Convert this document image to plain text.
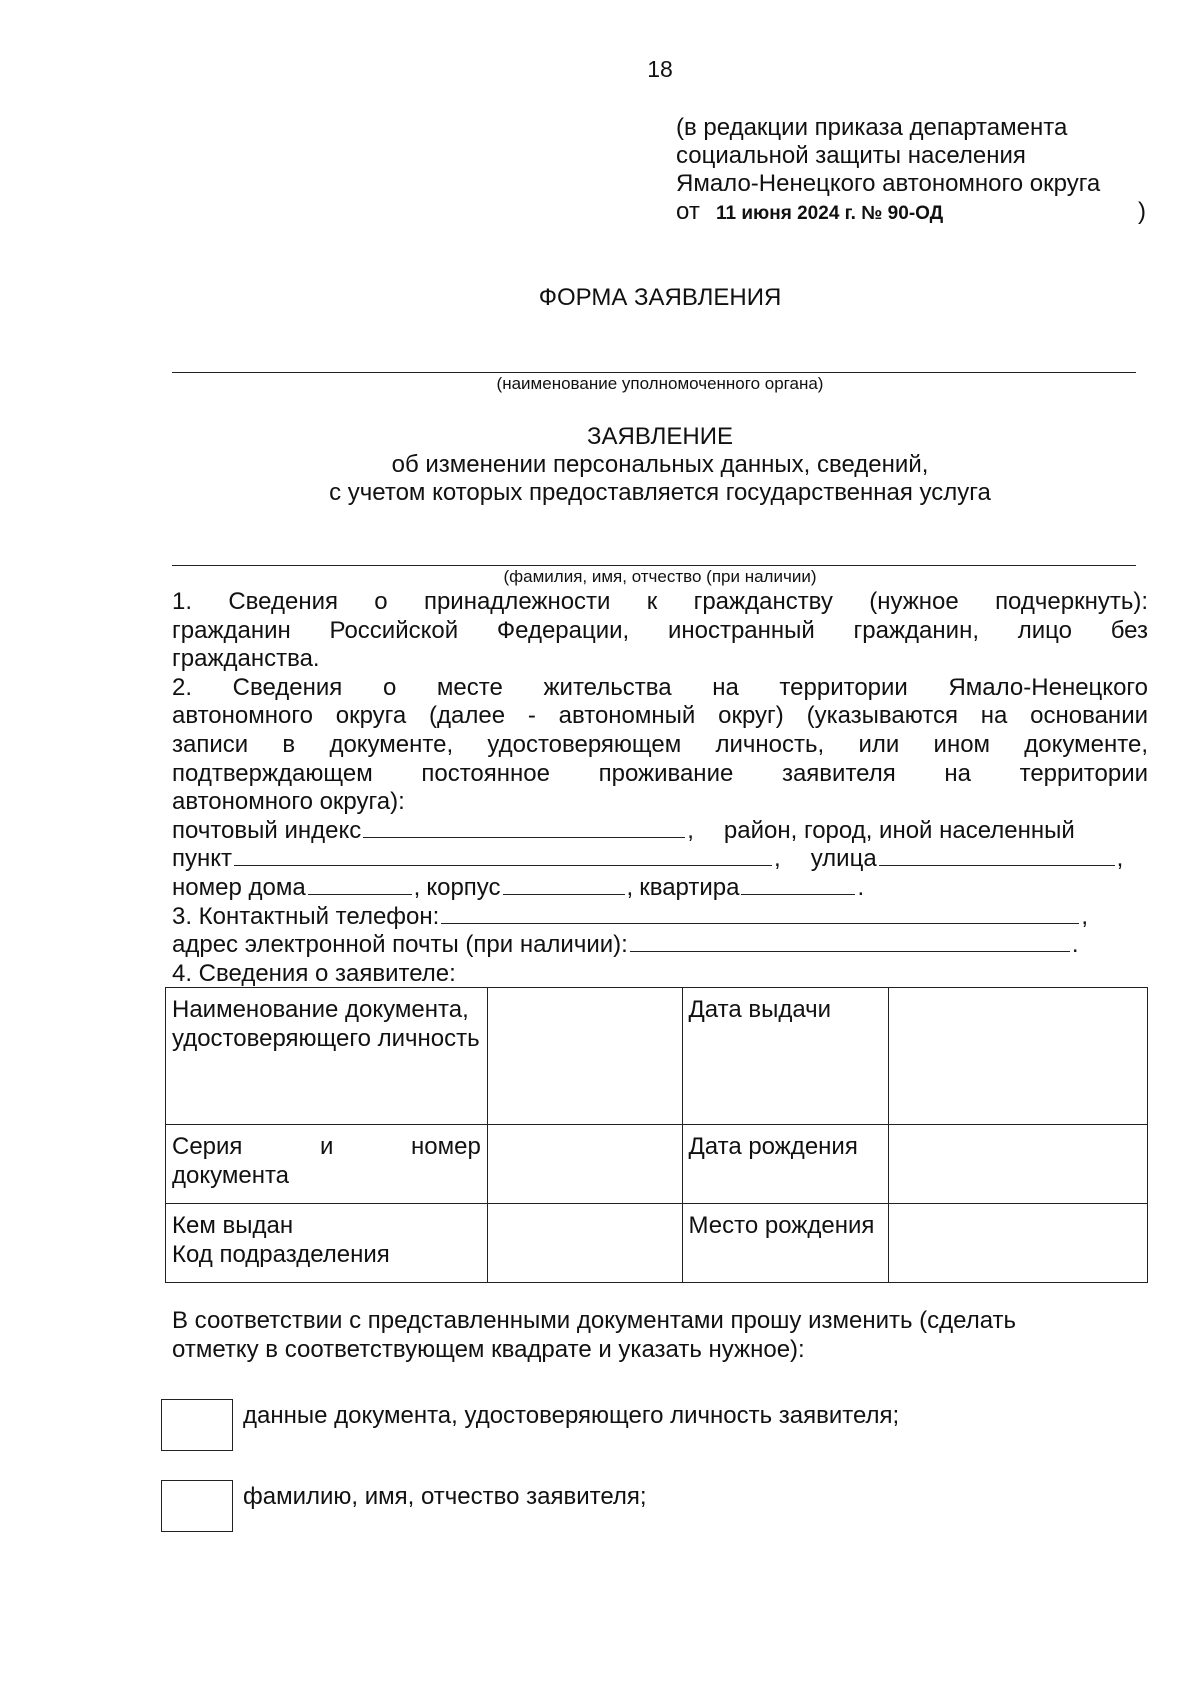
18
(в редакции приказа департамента
социальной защиты населения
Ямало-Ненецкого автономного округа
от 11 июня 2024 г. № 90-ОД	)
ФОРМА ЗАЯВЛЕНИЯ
(наименование уполномоченного органа)
ЗАЯВЛЕНИЕ
об изменении персональных данных, сведений,
с учетом которых предоставляется государственная услуга
(фамилия, имя, отчество (при наличии)
1. Сведения о принадлежности к гражданству (нужное подчеркнуть):
гражданин Российской Федерации, иностранный гражданин, лицо без
гражданства.
2. Сведения о месте жительства на территории Ямало-Ненецкого
автономного округа (далее - автономный округ) (указываются на основании
записи в документе, удостоверяющем личность, или ином документе,
подтверждающем постоянное проживание заявителя на территории
автономного округа):
почтовый индекс	, район, город, иной населенный
пункт	, улица	,
номер дома	, корпус	, квартира	.
3. Контактный телефон:	,
адрес электронной почты (при наличии):	.
4. Сведения о заявителе:
Наименование документа, удостоверяющего личность		Дата выдачи	

Серия и номер
документа		Дата рождения	

Кем выдан
Код подразделения		Место рождения	
В соответствии с представленными документами прошу изменить (сделать
отметку в соответствующем квадрате и указать нужное):
данные документа, удостоверяющего личность заявителя;
фамилию, имя, отчество заявителя;
